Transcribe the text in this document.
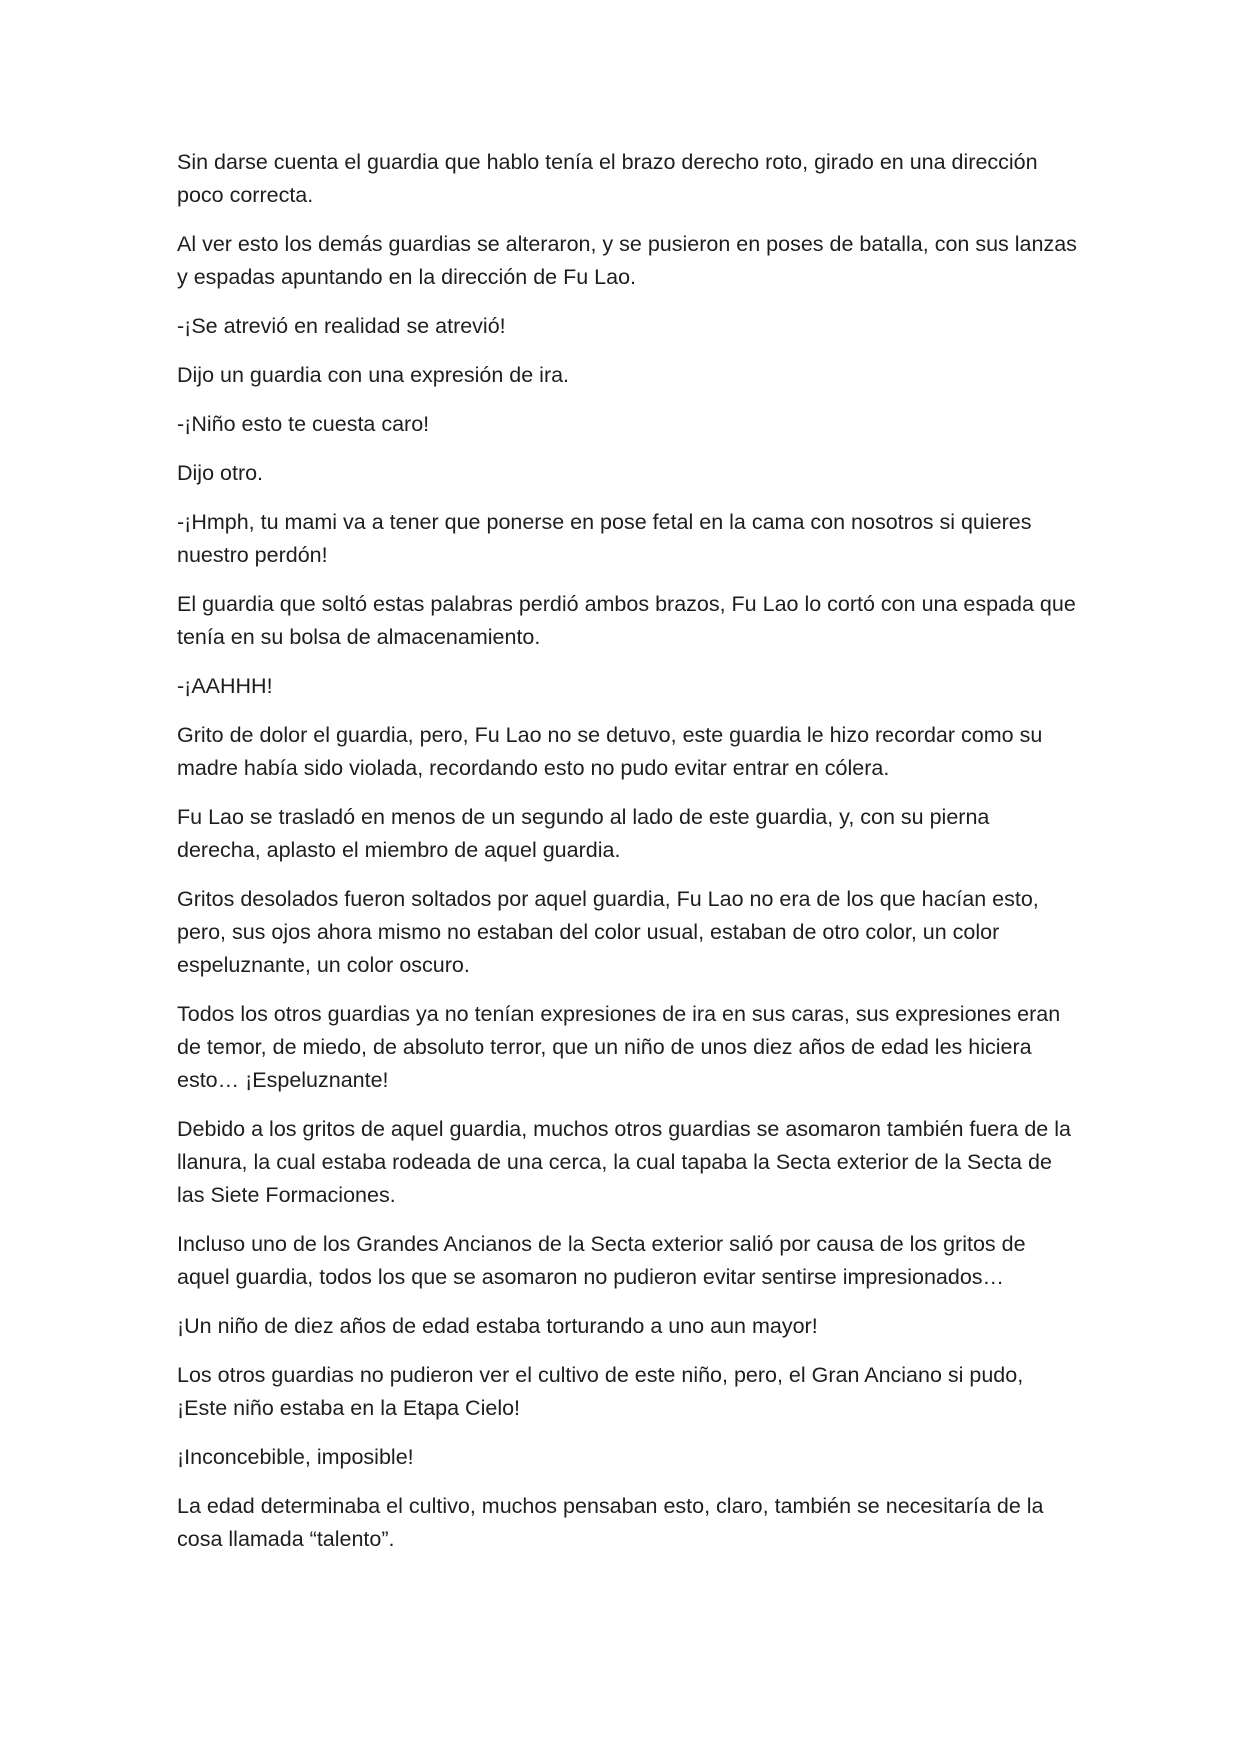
Sin darse cuenta el guardia que hablo tenía el brazo derecho roto, girado en una dirección poco correcta.

Al ver esto los demás guardias se alteraron, y se pusieron en poses de batalla, con sus lanzas y espadas apuntando en la dirección de Fu Lao.

-¡Se atrevió en realidad se atrevió!

Dijo un guardia con una expresión de ira.

-¡Niño esto te cuesta caro!

Dijo otro.

-¡Hmph, tu mami va a tener que ponerse en pose fetal en la cama con nosotros si quieres nuestro perdón!

El guardia que soltó estas palabras perdió ambos brazos, Fu Lao lo cortó con una espada que tenía en su bolsa de almacenamiento.

-¡AAHHH!

Grito de dolor el guardia, pero, Fu Lao no se detuvo, este guardia le hizo recordar como su madre había sido violada, recordando esto no pudo evitar entrar en cólera.

Fu Lao se trasladó en menos de un segundo al lado de este guardia, y, con su pierna derecha, aplasto el miembro de aquel guardia.

Gritos desolados fueron soltados por aquel guardia, Fu Lao no era de los que hacían esto, pero, sus ojos ahora mismo no estaban del color usual, estaban de otro color, un color espeluznante, un color oscuro.

Todos los otros guardias ya no tenían expresiones de ira en sus caras, sus expresiones eran de temor, de miedo, de absoluto terror, que un niño de unos diez años de edad les hiciera esto… ¡Espeluznante!

Debido a los gritos de aquel guardia, muchos otros guardias se asomaron también fuera de la llanura, la cual estaba rodeada de una cerca, la cual tapaba la Secta exterior de la Secta de las Siete Formaciones.

Incluso uno de los Grandes Ancianos de la Secta exterior salió por causa de los gritos de aquel guardia, todos los que se asomaron no pudieron evitar sentirse impresionados…

¡Un niño de diez años de edad estaba torturando a uno aun mayor!

Los otros guardias no pudieron ver el cultivo de este niño, pero, el Gran Anciano si pudo, ¡Este niño estaba en la Etapa Cielo!

¡Inconcebible, imposible!

La edad determinaba el cultivo, muchos pensaban esto, claro, también se necesitaría de la cosa llamada “talento”.
